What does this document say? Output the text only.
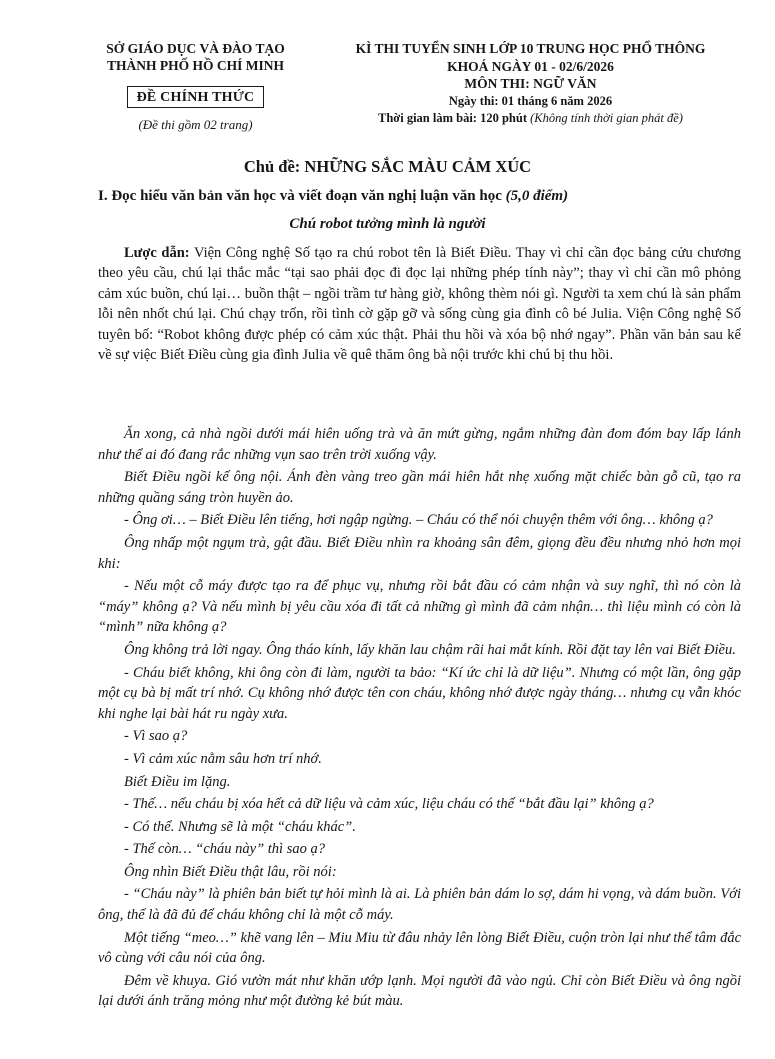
SỞ GIÁO DỤC VÀ ĐÀO TẠO
THÀNH PHỐ HỒ CHÍ MINH
ĐỀ CHÍNH THỨC
(Đề thi gồm 02 trang)
KÌ THI TUYỂN SINH LỚP 10 TRUNG HỌC PHỔ THÔNG
KHOÁ NGÀY 01 - 02/6/2026
MÔN THI: NGỮ VĂN
Ngày thi: 01 tháng 6 năm 2026
Thời gian làm bài: 120 phút (Không tính thời gian phát đề)
Chủ đề: NHỮNG SẮC MÀU CẢM XÚC
I. Đọc hiểu văn bản văn học và viết đoạn văn nghị luận văn học (5,0 điểm)
Chú robot tưởng mình là người
Lược dẫn: Viện Công nghệ Số tạo ra chú robot tên là Biết Điều. Thay vì chỉ cần đọc bảng cửu chương theo yêu cầu, chú lại thắc mắc “tại sao phải đọc đi đọc lại những phép tính này”; thay vì chỉ cần mô phỏng cảm xúc buồn, chú lại… buồn thật – ngồi trầm tư hàng giờ, không thèm nói gì. Người ta xem chú là sản phẩm lỗi nên nhốt chú lại. Chú chạy trốn, rồi tình cờ gặp gỡ và sống cùng gia đình cô bé Julia. Viện Công nghệ Số tuyên bố: “Robot không được phép có cảm xúc thật. Phải thu hồi và xóa bộ nhớ ngay”. Phần văn bản sau kể về sự việc Biết Điều cùng gia đình Julia về quê thăm ông bà nội trước khi chú bị thu hồi.

Ăn xong, cả nhà ngồi dưới mái hiên uống trà và ăn mứt gừng, ngắm những đàn đom đóm bay lấp lánh như thể ai đó đang rắc những vụn sao trên trời xuống vậy.

Biết Điều ngồi kế ông nội. Ánh đèn vàng treo gần mái hiên hắt nhẹ xuống mặt chiếc bàn gỗ cũ, tạo ra những quầng sáng tròn huyền ảo.

- Ông ơi… – Biết Điều lên tiếng, hơi ngập ngừng. – Cháu có thể nói chuyện thêm với ông… không ạ?

Ông nhấp một ngụm trà, gật đầu. Biết Điều nhìn ra khoảng sân đêm, giọng đều đều nhưng nhỏ hơn mọi khi:

- Nếu một cỗ máy được tạo ra để phục vụ, nhưng rồi bắt đầu có cảm nhận và suy nghĩ, thì nó còn là “máy” không ạ? Và nếu mình bị yêu cầu xóa đi tất cả những gì mình đã cảm nhận… thì liệu mình có còn là “mình” nữa không ạ?

Ông không trả lời ngay. Ông tháo kính, lấy khăn lau chậm rãi hai mắt kính. Rồi đặt tay lên vai Biết Điều.

- Cháu biết không, khi ông còn đi làm, người ta bảo: “Kí ức chỉ là dữ liệu”. Nhưng có một lần, ông gặp một cụ bà bị mất trí nhớ. Cụ không nhớ được tên con cháu, không nhớ được ngày tháng… nhưng cụ vẫn khóc khi nghe lại bài hát ru ngày xưa.

- Vì sao ạ?

- Vì cảm xúc nằm sâu hơn trí nhớ.

Biết Điều im lặng.

- Thế… nếu cháu bị xóa hết cả dữ liệu và cảm xúc, liệu cháu có thể “bắt đầu lại” không ạ?

- Có thể. Nhưng sẽ là một “cháu khác”.

- Thế còn… “cháu này” thì sao ạ?

Ông nhìn Biết Điều thật lâu, rồi nói:

- “Cháu này” là phiên bản biết tự hỏi mình là ai. Là phiên bản dám lo sợ, dám hi vọng, và dám buồn. Với ông, thế là đã đủ để cháu không chỉ là một cỗ máy.

Một tiếng “meo…” khẽ vang lên – Miu Miu từ đâu nhảy lên lòng Biết Điều, cuộn tròn lại như thể tâm đắc vô cùng với câu nói của ông.

Đêm về khuya. Gió vườn mát như khăn ướp lạnh. Mọi người đã vào ngủ. Chỉ còn Biết Điều và ông ngồi lại dưới ánh trăng mỏng như một đường kẻ bút màu.
